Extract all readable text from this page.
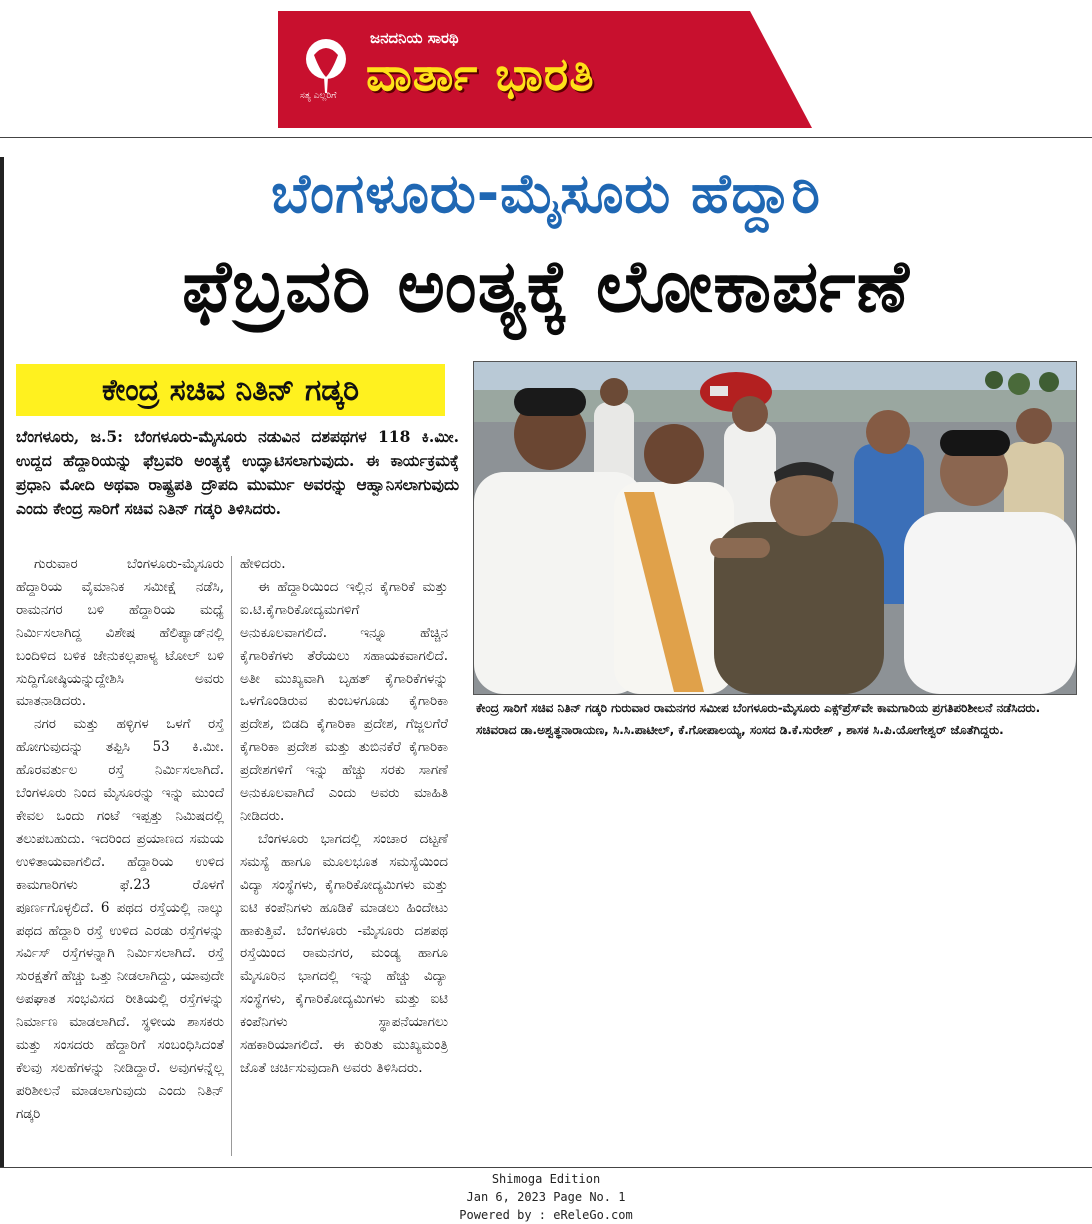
ಜನದನಿಯ ಸಾರಥಿ
ವಾರ್ತಾ ಭಾರತಿ
ಸತ್ಯ ಎಲ್ಲರಿಗೆ
ಬೆಂಗಳೂರು-ಮೈಸೂರು ಹೆದ್ದಾರಿ
ಫೆಬ್ರವರಿ ಅಂತ್ಯಕ್ಕೆ ಲೋಕಾರ್ಪಣೆ
ಕೇಂದ್ರ ಸಚಿವ ನಿತಿನ್ ಗಡ್ಕರಿ
ಬೆಂಗಳೂರು, ಜ.5: ಬೆಂಗಳೂರು-ಮೈಸೂರು ನಡುವಿನ ದಶಪಥಗಳ 118 ಕಿ.ಮೀ. ಉದ್ದದ ಹೆದ್ದಾರಿಯನ್ನು ಫೆಬ್ರವರಿ ಅಂತ್ಯಕ್ಕೆ ಉದ್ಘಾಟಿಸಲಾಗುವುದು. ಈ ಕಾರ್ಯಕ್ರಮಕ್ಕೆ ಪ್ರಧಾನಿ ಮೋದಿ ಅಥವಾ ರಾಷ್ಟ್ರಪತಿ ದ್ರೌಪದಿ ಮುರ್ಮು ಅವರನ್ನು ಆಹ್ವಾನಿಸಲಾಗುವುದು ಎಂದು ಕೇಂದ್ರ ಸಾರಿಗೆ ಸಚಿವ ನಿತಿನ್ ಗಡ್ಕರಿ ತಿಳಿಸಿದರು.

ಗುರುವಾರ ಬೆಂಗಳೂರು-ಮೈಸೂರು ಹೆದ್ದಾರಿಯ ವೈಮಾನಿಕ ಸಮೀಕ್ಷೆ ನಡೆಸಿ, ರಾಮನಗರ ಬಳಿ ಹೆದ್ದಾರಿಯ ಮಧ್ಯೆ ನಿರ್ಮಿಸಲಾಗಿದ್ದ ವಿಶೇಷ ಹೆಲಿಪ್ಯಾಡ್‌ನಲ್ಲಿ ಬಂದಿಳಿದ ಬಳಿಕ ಜೇನುಕಲ್ಲಪಾಳ್ಯ ಟೋಲ್ ಬಳಿ ಸುದ್ದಿಗೋಷ್ಠಿಯನ್ನುದ್ದೇಶಿಸಿ ಅವರು ಮಾತನಾಡಿದರು.

ನಗರ ಮತ್ತು ಹಳ್ಳಿಗಳ ಒಳಗೆ ರಸ್ತೆ ಹೋಗುವುದನ್ನು ತಪ್ಪಿಸಿ 53 ಕಿ.ಮೀ. ಹೊರವರ್ತುಲ ರಸ್ತೆ ನಿರ್ಮಿಸಲಾಗಿದೆ. ಬೆಂಗಳೂರು ನಿಂದ ಮೈಸೂರನ್ನು ಇನ್ನು ಮುಂದೆ ಕೇವಲ ಒಂದು ಗಂಟೆ ಇಪ್ಪತ್ತು ನಿಮಿಷದಲ್ಲಿ ತಲುಪಬಹುದು. ಇದರಿಂದ ಪ್ರಯಾಣದ ಸಮಯ ಉಳಿತಾಯವಾಗಲಿದೆ. ಹೆದ್ದಾರಿಯ ಉಳಿದ ಕಾಮಗಾರಿಗಳು ಫೆ.23 ರೊಳಗೆ ಪೂರ್ಣಗೊಳ್ಳಲಿದೆ. 6 ಪಥದ ರಸ್ತೆಯಲ್ಲಿ ನಾಲ್ಕು ಪಥದ ಹೆದ್ದಾರಿ ರಸ್ತೆ ಉಳಿದ ಎರಡು ರಸ್ತೆಗಳನ್ನು ಸರ್ವಿಸ್ ರಸ್ತೆಗಳನ್ನಾಗಿ ನಿರ್ಮಿಸಲಾಗಿದೆ. ರಸ್ತೆ ಸುರಕ್ಷತೆಗೆ ಹೆಚ್ಚು ಒತ್ತು ನೀಡಲಾಗಿದ್ದು, ಯಾವುದೇ ಅಪಘಾತ ಸಂಭವಿಸದ ರೀತಿಯಲ್ಲಿ ರಸ್ತೆಗಳನ್ನು ನಿರ್ಮಾಣ ಮಾಡಲಾಗಿದೆ. ಸ್ಥಳೀಯ ಶಾಸಕರು ಮತ್ತು ಸಂಸದರು ಹೆದ್ದಾರಿಗೆ ಸಂಬಂಧಿಸಿದಂತೆ ಕೆಲವು ಸಲಹೆಗಳನ್ನು ನೀಡಿದ್ದಾರೆ. ಅವುಗಳನ್ನೆಲ್ಲ ಪರಿಶೀಲನೆ ಮಾಡಲಾಗುವುದು ಎಂದು ನಿತಿನ್ ಗಡ್ಕರಿ

ಹೇಳಿದರು.

ಈ ಹೆದ್ದಾರಿಯಿಂದ ಇಲ್ಲಿನ ಕೈಗಾರಿಕೆ ಮತ್ತು ಐ.ಟಿ.ಕೈಗಾರಿಕೋದ್ಯಮಗಳಿಗೆ ಅನುಕೂಲವಾಗಲಿದೆ. ಇನ್ನೂ ಹೆಚ್ಚಿನ ಕೈಗಾರಿಕೆಗಳು ತೆರೆಯಲು ಸಹಾಯಕವಾಗಲಿದೆ. ಅತೀ ಮುಖ್ಯವಾಗಿ ಬೃಹತ್ ಕೈಗಾರಿಕೆಗಳನ್ನು ಒಳಗೊಂಡಿರುವ ಕುಂಬಳಗೂಡು ಕೈಗಾರಿಕಾ ಪ್ರದೇಶ, ಬಿಡದಿ ಕೈಗಾರಿಕಾ ಪ್ರದೇಶ, ಗೆಜ್ಜಲಗೆರೆ ಕೈಗಾರಿಕಾ ಪ್ರದೇಶ ಮತ್ತು ತುಬಿನಕೆರೆ ಕೈಗಾರಿಕಾ ಪ್ರದೇಶಗಳಿಗೆ ಇನ್ನು ಹೆಚ್ಚು ಸರಕು ಸಾಗಣೆ ಅನುಕೂಲವಾಗಿದೆ ಎಂದು ಅವರು ಮಾಹಿತಿ ನೀಡಿದರು.

ಬೆಂಗಳೂರು ಭಾಗದಲ್ಲಿ ಸಂಚಾರ ದಟ್ಟಣೆ ಸಮಸ್ಯೆ ಹಾಗೂ ಮೂಲಭೂತ ಸಮಸ್ಯೆಯಿಂದ ವಿದ್ಯಾ ಸಂಸ್ಥೆಗಳು, ಕೈಗಾರಿಕೋದ್ಯಮಿಗಳು ಮತ್ತು ಐಟಿ ಕಂಪೆನಿಗಳು ಹೂಡಿಕೆ ಮಾಡಲು ಹಿಂದೇಟು ಹಾಕುತ್ತಿವೆ. ಬೆಂಗಳೂರು -ಮೈಸೂರು ದಶಪಥ ರಸ್ತೆಯಿಂದ ರಾಮನಗರ, ಮಂಡ್ಯ ಹಾಗೂ ಮೈಸೂರಿನ ಭಾಗದಲ್ಲಿ ಇನ್ನು ಹೆಚ್ಚು ವಿದ್ಯಾ ಸಂಸ್ಥೆಗಳು, ಕೈಗಾರಿಕೋದ್ಯಮಿಗಳು ಮತ್ತು ಐಟಿ ಕಂಪೆನಿಗಳು ಸ್ಥಾಪನೆಯಾಗಲು ಸಹಕಾರಿಯಾಗಲಿದೆ. ಈ ಕುರಿತು ಮುಖ್ಯಮಂತ್ರಿ ಜೊತೆ ಚರ್ಚಿಸುವುದಾಗಿ ಅವರು ತಿಳಿಸಿದರು.

ಕೇಂದ್ರ ಸಾರಿಗೆ ಸಚಿವ ನಿತಿನ್ ಗಡ್ಕರಿ ಗುರುವಾರ ರಾಮನಗರ ಸಮೀಪ ಬೆಂಗಳೂರು-ಮೈಸೂರು ಎಕ್ಸ್‌ಪ್ರೆಸ್‌ವೇ ಕಾಮಗಾರಿಯ ಪ್ರಗತಿಪರಿಶೀಲನೆ ನಡೆಸಿದರು. ಸಚಿವರಾದ ಡಾ.ಅಶ್ವತ್ಥನಾರಾಯಣ, ಸಿ.ಸಿ.ಪಾಟೀಲ್, ಕೆ.ಗೋಪಾಲಯ್ಯ, ಸಂಸದ ಡಿ.ಕೆ.ಸುರೇಶ್ , ಶಾಸಕ ಸಿ.ಪಿ.ಯೋಗೇಶ್ವರ್ ಜೊತೆಗಿದ್ದರು.
Shimoga Edition
Jan 6, 2023 Page No. 1
Powered by : eReleGo.com
